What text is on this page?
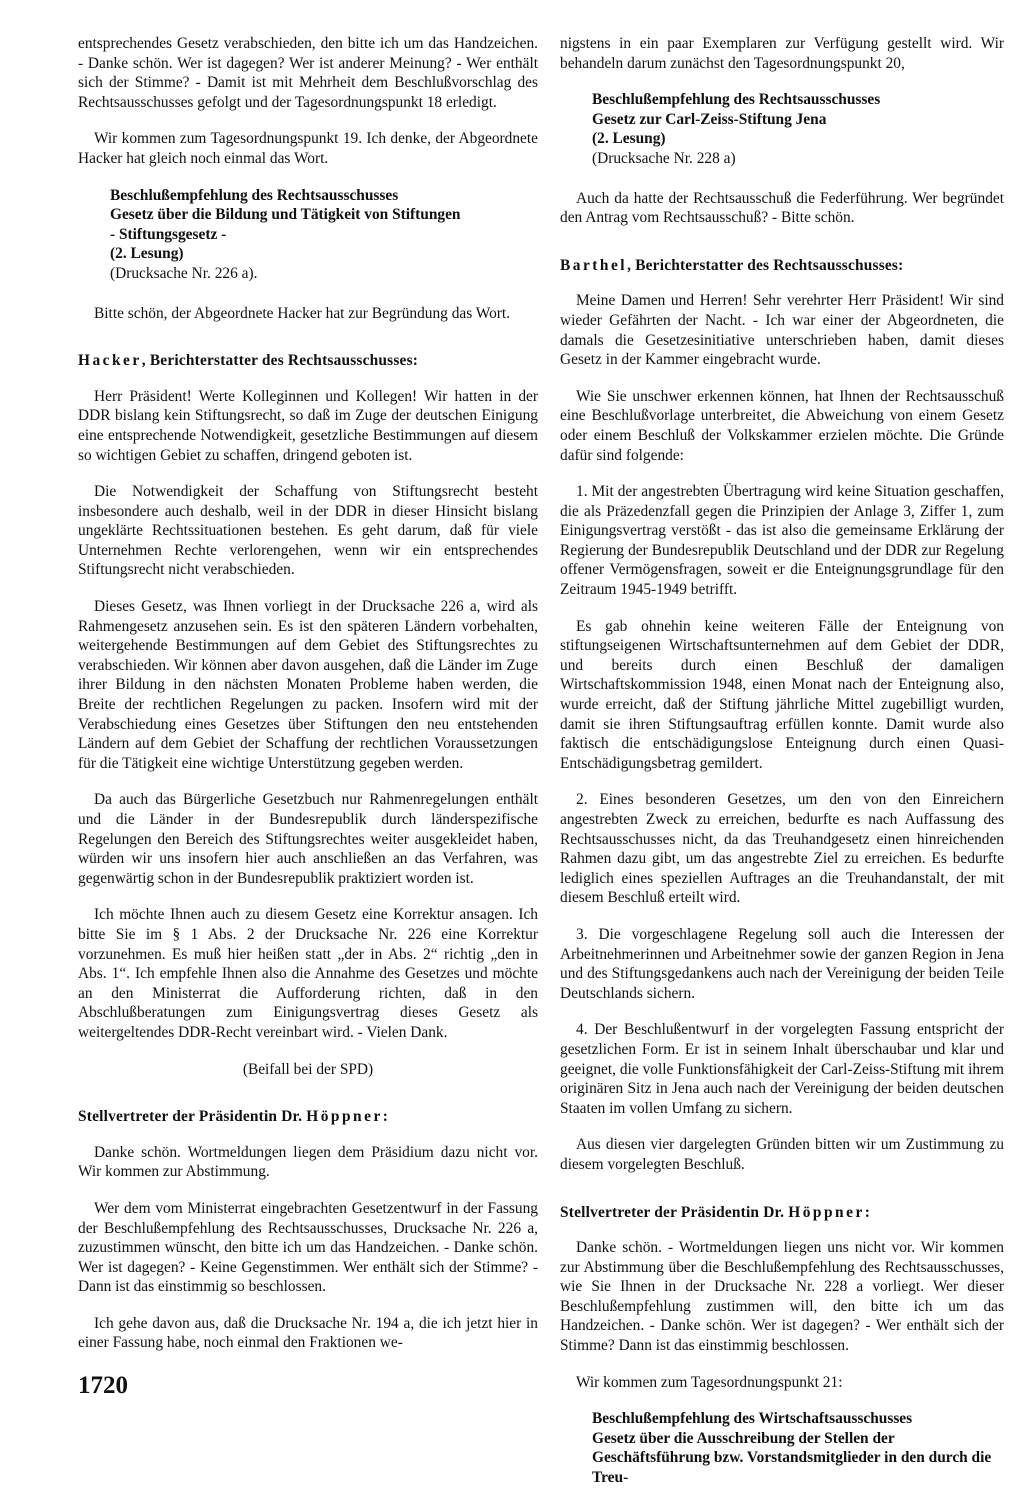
entsprechendes Gesetz verabschieden, den bitte ich um das Handzeichen. - Danke schön. Wer ist dagegen? Wer ist anderer Meinung? - Wer enthält sich der Stimme? - Damit ist mit Mehrheit dem Beschlußvorschlag des Rechtsausschusses gefolgt und der Tagesordnungspunkt 18 erledigt.

Wir kommen zum Tagesordnungspunkt 19. Ich denke, der Abgeordnete Hacker hat gleich noch einmal das Wort.

Beschlußempfehlung des Rechtsausschusses
Gesetz über die Bildung und Tätigkeit von Stiftungen
- Stiftungsgesetz -
(2. Lesung)
(Drucksache Nr. 226 a).

Bitte schön, der Abgeordnete Hacker hat zur Begründung das Wort.

Hacker, Berichterstatter des Rechtsausschusses:

Herr Präsident! Werte Kolleginnen und Kollegen! Wir hatten in der DDR bislang kein Stiftungsrecht, so daß im Zuge der deutschen Einigung eine entsprechende Notwendigkeit, gesetzliche Bestimmungen auf diesem so wichtigen Gebiet zu schaffen, dringend geboten ist.

Die Notwendigkeit der Schaffung von Stiftungsrecht besteht insbesondere auch deshalb, weil in der DDR in dieser Hinsicht bislang ungeklärte Rechtssituationen bestehen. Es geht darum, daß für viele Unternehmen Rechte verlorengehen, wenn wir ein entsprechendes Stiftungsrecht nicht verabschieden.

Dieses Gesetz, was Ihnen vorliegt in der Drucksache 226 a, wird als Rahmengesetz anzusehen sein. Es ist den späteren Ländern vorbehalten, weitergehende Bestimmungen auf dem Gebiet des Stiftungsrechtes zu verabschieden. Wir können aber davon ausgehen, daß die Länder im Zuge ihrer Bildung in den nächsten Monaten Probleme haben werden, die Breite der rechtlichen Regelungen zu packen. Insofern wird mit der Verabschiedung eines Gesetzes über Stiftungen den neu entstehenden Ländern auf dem Gebiet der Schaffung der rechtlichen Voraussetzungen für die Tätigkeit eine wichtige Unterstützung gegeben werden.

Da auch das Bürgerliche Gesetzbuch nur Rahmenregelungen enthält und die Länder in der Bundesrepublik durch länderspezifische Regelungen den Bereich des Stiftungsrechtes weiter ausgekleidet haben, würden wir uns insofern hier auch anschließen an das Verfahren, was gegenwärtig schon in der Bundesrepublik praktiziert worden ist.

Ich möchte Ihnen auch zu diesem Gesetz eine Korrektur ansagen. Ich bitte Sie im § 1 Abs. 2 der Drucksache Nr. 226 eine Korrektur vorzunehmen. Es muß hier heißen statt „der in Abs. 2“ richtig „den in Abs. 1“. Ich empfehle Ihnen also die Annahme des Gesetzes und möchte an den Ministerrat die Aufforderung richten, daß in den Abschlußberatungen zum Einigungsvertrag dieses Gesetz als weitergeltendes DDR-Recht vereinbart wird. - Vielen Dank.

(Beifall bei der SPD)

Stellvertreter der Präsidentin Dr. Höppner:

Danke schön. Wortmeldungen liegen dem Präsidium dazu nicht vor. Wir kommen zur Abstimmung.

Wer dem vom Ministerrat eingebrachten Gesetzentwurf in der Fassung der Beschlußempfehlung des Rechtsausschusses, Drucksache Nr. 226 a, zuzustimmen wünscht, den bitte ich um das Handzeichen. - Danke schön. Wer ist dagegen? - Keine Gegenstimmen. Wer enthält sich der Stimme? - Dann ist das einstimmig so beschlossen.

Ich gehe davon aus, daß die Drucksache Nr. 194 a, die ich jetzt hier in einer Fassung habe, noch einmal den Fraktionen we-

nigstens in ein paar Exemplaren zur Verfügung gestellt wird. Wir behandeln darum zunächst den Tagesordnungspunkt 20,

Beschlußempfehlung des Rechtsausschusses
Gesetz zur Carl-Zeiss-Stiftung Jena
(2. Lesung)
(Drucksache Nr. 228 a)

Auch da hatte der Rechtsausschuß die Federführung. Wer begründet den Antrag vom Rechtsausschuß? - Bitte schön.

Barthel, Berichterstatter des Rechtsausschusses:

Meine Damen und Herren! Sehr verehrter Herr Präsident! Wir sind wieder Gefährten der Nacht. - Ich war einer der Abgeordneten, die damals die Gesetzesinitiative unterschrieben haben, damit dieses Gesetz in der Kammer eingebracht wurde.

Wie Sie unschwer erkennen können, hat Ihnen der Rechtsausschuß eine Beschlußvorlage unterbreitet, die Abweichung von einem Gesetz oder einem Beschluß der Volkskammer erzielen möchte. Die Gründe dafür sind folgende:

1. Mit der angestrebten Übertragung wird keine Situation geschaffen, die als Präzedenzfall gegen die Prinzipien der Anlage 3, Ziffer 1, zum Einigungsvertrag verstößt - das ist also die gemeinsame Erklärung der Regierung der Bundesrepublik Deutschland und der DDR zur Regelung offener Vermögensfragen, soweit er die Enteignungsgrundlage für den Zeitraum 1945-1949 betrifft.

Es gab ohnehin keine weiteren Fälle der Enteignung von stiftungseigenen Wirtschaftsunternehmen auf dem Gebiet der DDR, und bereits durch einen Beschluß der damaligen Wirtschaftskommission 1948, einen Monat nach der Enteignung also, wurde erreicht, daß der Stiftung jährliche Mittel zugebilligt wurden, damit sie ihren Stiftungsauftrag erfüllen konnte. Damit wurde also faktisch die entschädigungslose Enteignung durch einen Quasi-Entschädigungsbetrag gemildert.

2. Eines besonderen Gesetzes, um den von den Einreichern angestrebten Zweck zu erreichen, bedurfte es nach Auffassung des Rechtsausschusses nicht, da das Treuhandgesetz einen hinreichenden Rahmen dazu gibt, um das angestrebte Ziel zu erreichen. Es bedurfte lediglich eines speziellen Auftrages an die Treuhandanstalt, der mit diesem Beschluß erteilt wird.

3. Die vorgeschlagene Regelung soll auch die Interessen der Arbeitnehmerinnen und Arbeitnehmer sowie der ganzen Region in Jena und des Stiftungsgedankens auch nach der Vereinigung der beiden Teile Deutschlands sichern.

4. Der Beschlußentwurf in der vorgelegten Fassung entspricht der gesetzlichen Form. Er ist in seinem Inhalt überschaubar und klar und geeignet, die volle Funktionsfähigkeit der Carl-Zeiss-Stiftung mit ihrem originären Sitz in Jena auch nach der Vereinigung der beiden deutschen Staaten im vollen Umfang zu sichern.

Aus diesen vier dargelegten Gründen bitten wir um Zustimmung zu diesem vorgelegten Beschluß.

Stellvertreter der Präsidentin Dr. Höppner:

Danke schön. - Wortmeldungen liegen uns nicht vor. Wir kommen zur Abstimmung über die Beschlußempfehlung des Rechtsausschusses, wie Sie Ihnen in der Drucksache Nr. 228 a vorliegt. Wer dieser Beschlußempfehlung zustimmen will, den bitte ich um das Handzeichen. - Danke schön. Wer ist dagegen? - Wer enthält sich der Stimme? Dann ist das einstimmig beschlossen.

Wir kommen zum Tagesordnungspunkt 21:

Beschlußempfehlung des Wirtschaftsausschusses
Gesetz über die Ausschreibung der Stellen der Geschäftsführung bzw. Vorstandsmitglieder in den durch die Treu-
1720
